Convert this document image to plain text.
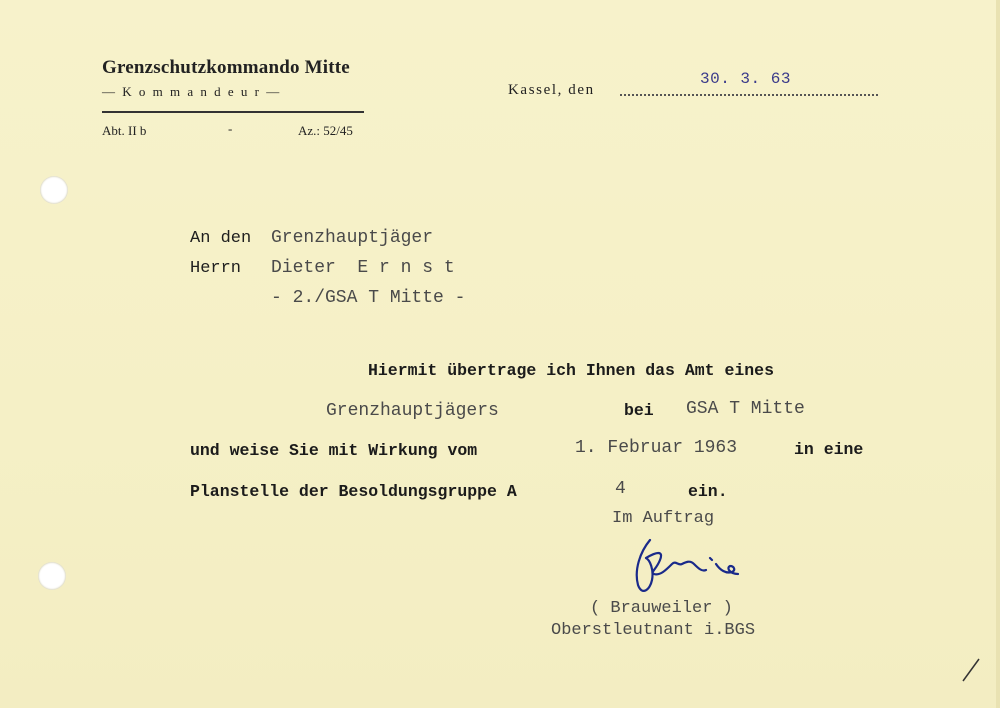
Grenzschutzkommando Mitte
— K o m m a n d e u r —
Abt. II b	-	Az.: 52/45
Kassel, den
30. 3. 63
An den Grenzhauptjäger
Herrn Dieter  E r n s t
- 2./GSA T Mitte -
Hiermit übertrage ich Ihnen das Amt eines
Grenzhauptjägers	bei GSA T Mitte
und weise Sie mit Wirkung vom	1. Februar 1963	in eine
Planstelle der Besoldungsgruppe A	4	ein.
Im Auftrag
( Brauweiler )
Oberstleutnant i.BGS
